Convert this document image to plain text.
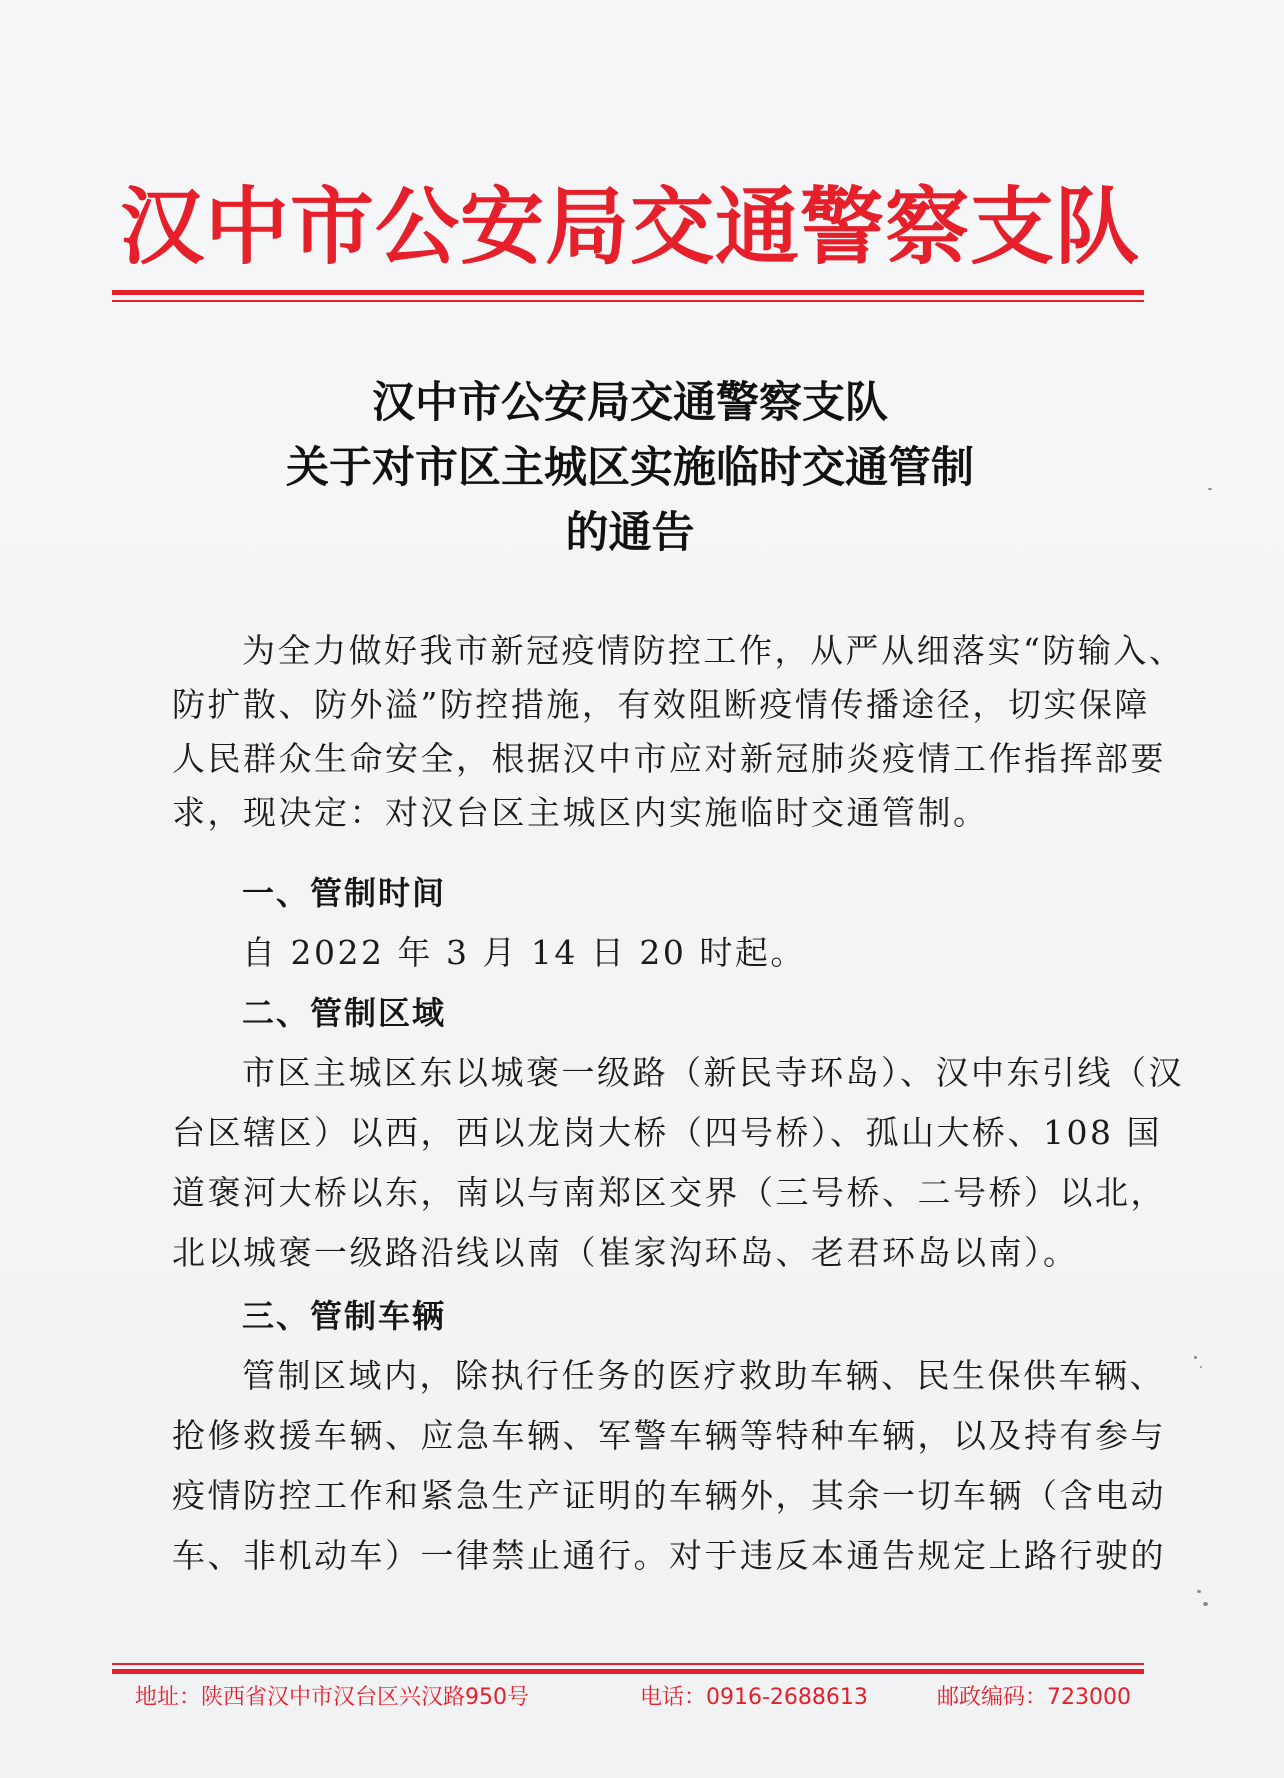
汉中市公安局交通警察支队
汉中市公安局交通警察支队
关于对市区主城区实施临时交通管制
的通告
为全力做好我市新冠疫情防控工作，从严从细落实“防输入、
防扩散、防外溢”防控措施，有效阻断疫情传播途径，切实保障
人民群众生命安全，根据汉中市应对新冠肺炎疫情工作指挥部要
求，现决定：对汉台区主城区内实施临时交通管制。
一、管制时间
自 2022 年 3 月 14 日 20 时起。
二、管制区域
市区主城区东以城褒一级路（新民寺环岛）、汉中东引线（汉
台区辖区）以西，西以龙岗大桥（四号桥）、孤山大桥、108 国
道褒河大桥以东，南以与南郑区交界（三号桥、二号桥）以北，
北以城褒一级路沿线以南（崔家沟环岛、老君环岛以南）。
三、管制车辆
管制区域内，除执行任务的医疗救助车辆、民生保供车辆、
抢修救援车辆、应急车辆、军警车辆等特种车辆，以及持有参与
疫情防控工作和紧急生产证明的车辆外，其余一切车辆（含电动
车、非机动车）一律禁止通行。对于违反本通告规定上路行驶的
地址：陕西省汉中市汉台区兴汉路950号	电话：0916-2688613	邮政编码：723000
